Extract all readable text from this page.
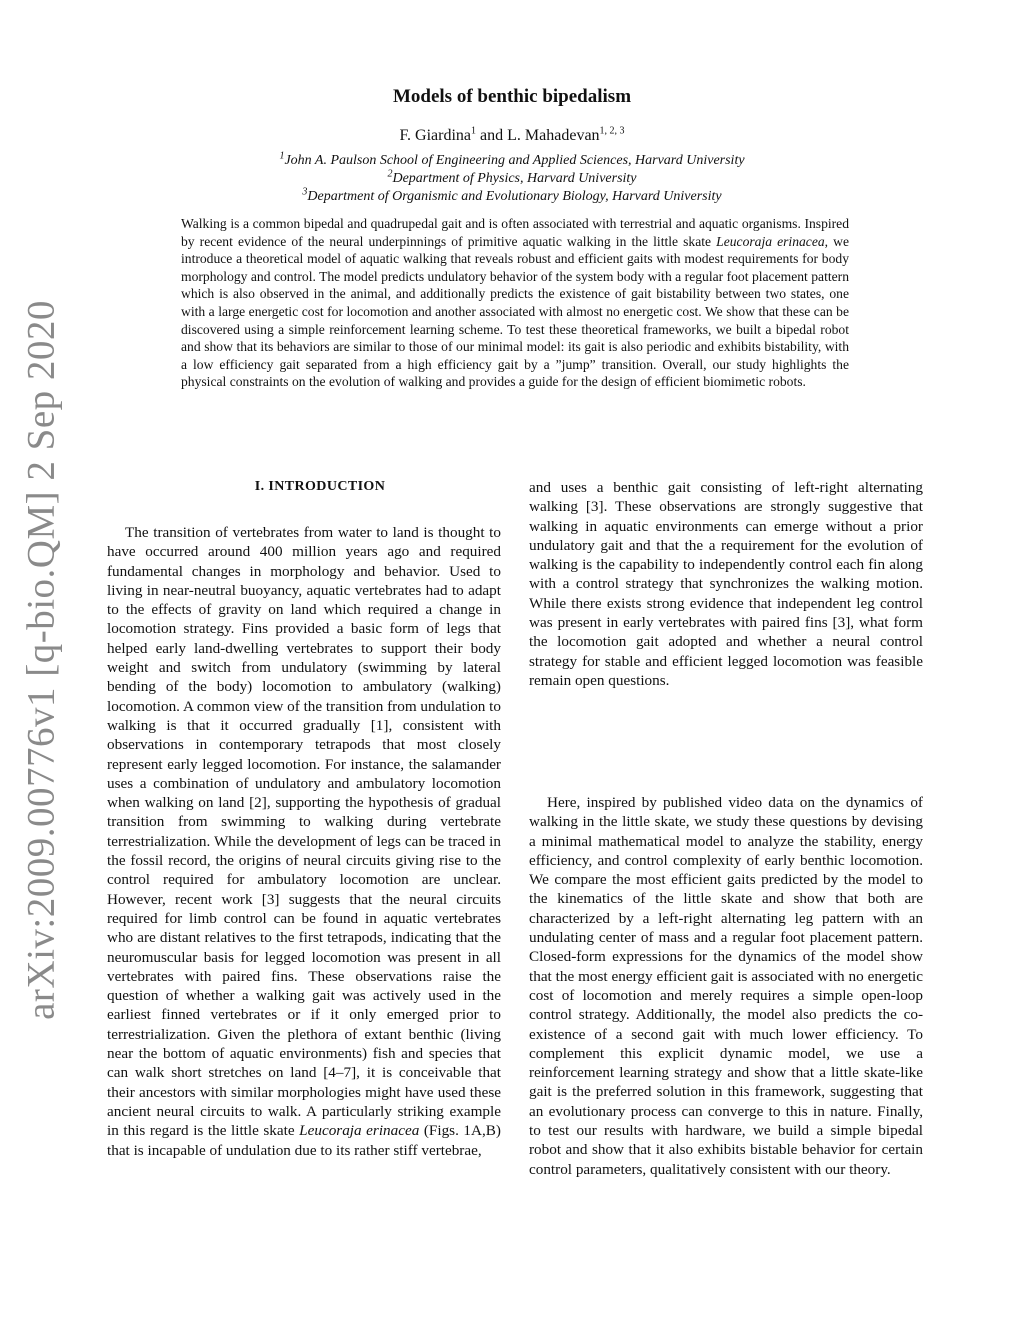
arXiv:2009.00776v1 [q-bio.QM] 2 Sep 2020
Models of benthic bipedalism
F. Giardina$^1$ and L. Mahadevan$^{1, 2, 3}$
$^1$John A. Paulson School of Engineering and Applied Sciences, Harvard University
$^2$Department of Physics, Harvard University
$^3$Department of Organismic and Evolutionary Biology, Harvard University

Walking is a common bipedal and quadrupedal gait and is often associated with terrestrial and aquatic organisms. Inspired by recent evidence of the neural underpinnings of primitive aquatic walking in the little skate Leucoraja erinacea, we introduce a theoretical model of aquatic walking that reveals robust and efficient gaits with modest requirements for body morphology and control. The model predicts undulatory behavior of the system body with a regular foot placement pattern which is also observed in the animal, and additionally predicts the existence of gait bistability between two states, one with a large energetic cost for locomotion and another associated with almost no energetic cost. We show that these can be discovered using a simple reinforcement learning scheme. To test these theoretical frameworks, we built a bipedal robot and show that its behaviors are similar to those of our minimal model: its gait is also periodic and exhibits bistability, with a low efficiency gait separated from a high efficiency gait by a ”jump” transition. Overall, our study highlights the physical constraints on the evolution of walking and provides a guide for the design of efficient biomimetic robots.

I. INTRODUCTION

The transition of vertebrates from water to land is thought to have occurred around 400 million years ago and required fundamental changes in morphology and behavior. Used to living in near-neutral buoyancy, aquatic vertebrates had to adapt to the effects of gravity on land which required a change in locomotion strategy. Fins provided a basic form of legs that helped early land-dwelling vertebrates to support their body weight and switch from undulatory (swimming by lateral bending of the body) locomotion to ambulatory (walking) locomotion. A common view of the transition from undulation to walking is that it occurred gradually [1], consistent with observations in contemporary tetrapods that most closely represent early legged locomotion. For instance, the salamander uses a combination of undulatory and ambulatory locomotion when walking on land [2], supporting the hypothesis of gradual transition from swimming to walking during vertebrate terrestrialization. While the development of legs can be traced in the fossil record, the origins of neural circuits giving rise to the control required for ambulatory locomotion are unclear. However, recent work [3] suggests that the neural circuits required for limb control can be found in aquatic vertebrates who are distant relatives to the first tetrapods, indicating that the neuromuscular basis for legged locomotion was present in all vertebrates with paired fins. These observations raise the question of whether a walking gait was actively used in the earliest finned vertebrates or if it only emerged prior to terrestrialization. Given the plethora of extant benthic (living near the bottom of aquatic environments) fish and species that can walk short stretches on land [4–7], it is conceivable that their ancestors with similar morphologies might have used these ancient neural circuits to walk. A particularly striking example in this regard is the little skate Leucoraja erinacea (Figs. 1A,B) that is incapable of undulation due to its rather stiff vertebrae,

and uses a benthic gait consisting of left-right alternating walking [3]. These observations are strongly suggestive that walking in aquatic environments can emerge without a prior undulatory gait and that the a requirement for the evolution of walking is the capability to independently control each fin along with a control strategy that synchronizes the walking motion. While there exists strong evidence that independent leg control was present in early vertebrates with paired fins [3], what form the locomotion gait adopted and whether a neural control strategy for stable and efficient legged locomotion was feasible remain open questions.

Here, inspired by published video data on the dynamics of walking in the little skate, we study these questions by devising a minimal mathematical model to analyze the stability, energy efficiency, and control complexity of early benthic locomotion. We compare the most efficient gaits predicted by the model to the kinematics of the little skate and show that both are characterized by a left-right alternating leg pattern with an undulating center of mass and a regular foot placement pattern. Closed-form expressions for the dynamics of the model show that the most energy efficient gait is associated with no energetic cost of locomotion and merely requires a simple open-loop control strategy. Additionally, the model also predicts the co-existence of a second gait with much lower efficiency. To complement this explicit dynamic model, we use a reinforcement learning strategy and show that a little skate-like gait is the preferred solution in this framework, suggesting that an evolutionary process can converge to this in nature. Finally, to test our results with hardware, we build a simple bipedal robot and show that it also exhibits bistable behavior for certain control parameters, qualitatively consistent with our theory.
